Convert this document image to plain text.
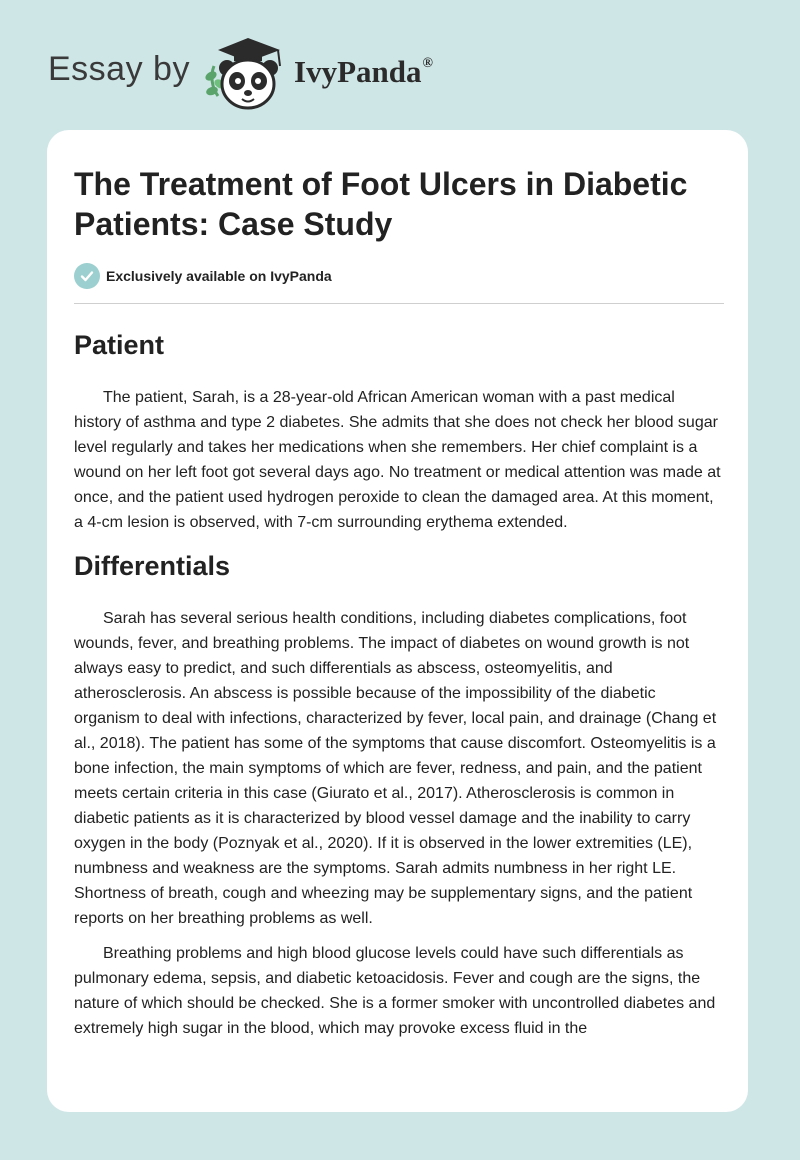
Essay by	IvyPanda®
The Treatment of Foot Ulcers in Diabetic Patients: Case Study
Exclusively available on IvyPanda
Patient

The patient, Sarah, is a 28-year-old African American woman with a past medical history of asthma and type 2 diabetes. She admits that she does not check her blood sugar level regularly and takes her medications when she remembers. Her chief complaint is a wound on her left foot got several days ago. No treatment or medical attention was made at once, and the patient used hydrogen peroxide to clean the damaged area. At this moment, a 4-cm lesion is observed, with 7-cm surrounding erythema extended.

Differentials

Sarah has several serious health conditions, including diabetes complications, foot wounds, fever, and breathing problems. The impact of diabetes on wound growth is not always easy to predict, and such differentials as abscess, osteomyelitis, and atherosclerosis. An abscess is possible because of the impossibility of the diabetic organism to deal with infections, characterized by fever, local pain, and drainage (Chang et al., 2018). The patient has some of the symptoms that cause discomfort. Osteomyelitis is a bone infection, the main symptoms of which are fever, redness, and pain, and the patient meets certain criteria in this case (Giurato et al., 2017). Atherosclerosis is common in diabetic patients as it is characterized by blood vessel damage and the inability to carry oxygen in the body (Poznyak et al., 2020). If it is observed in the lower extremities (LE), numbness and weakness are the symptoms. Sarah admits numbness in her right LE. Shortness of breath, cough and wheezing may be supplementary signs, and the patient reports on her breathing problems as well.

Breathing problems and high blood glucose levels could have such differentials as pulmonary edema, sepsis, and diabetic ketoacidosis. Fever and cough are the signs, the nature of which should be checked. She is a former smoker with uncontrolled diabetes and extremely high sugar in the blood, which may provoke excess fluid in the
